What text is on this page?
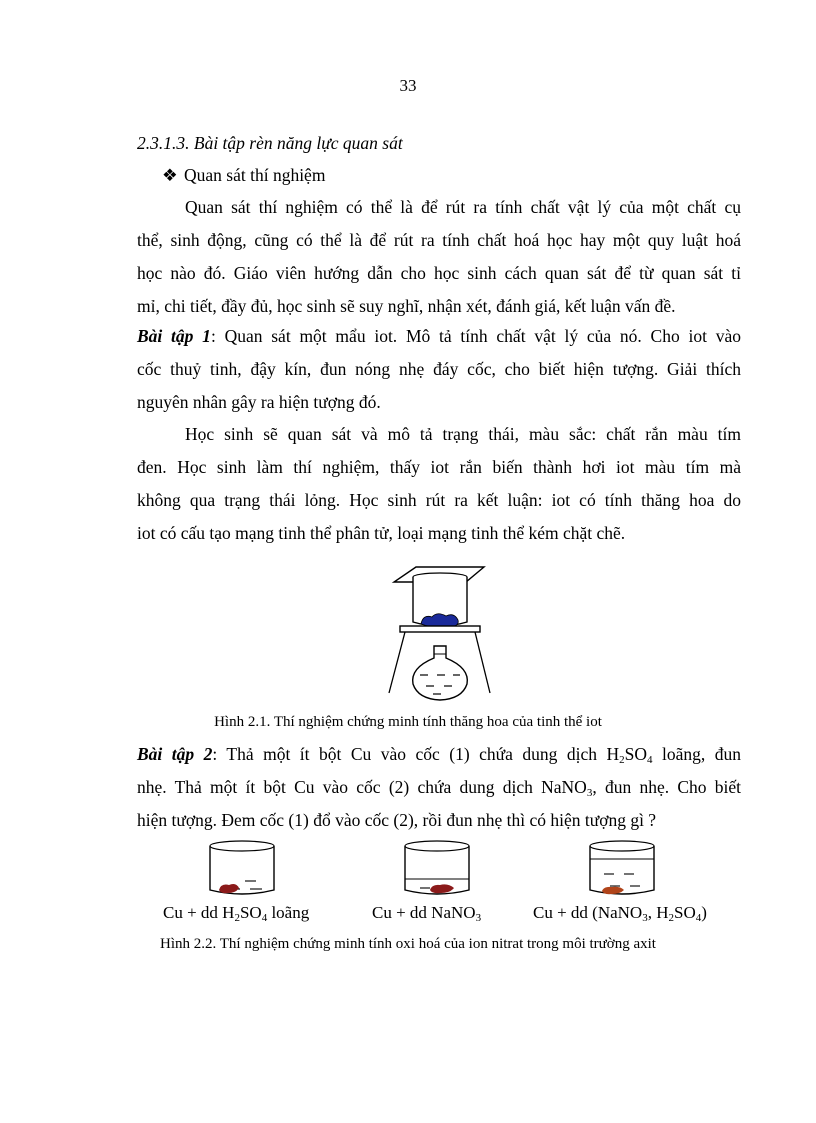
33
2.3.1.3. Bài tập rèn năng lực quan sát
❖ Quan sát thí nghiệm
Quan sát thí nghiệm có thể là để rút ra tính chất vật lý của một chất cụ
thể, sinh động, cũng có thể là để rút ra tính chất hoá học hay một quy luật hoá
học nào đó. Giáo viên hướng dẫn cho học sinh cách quan sát để từ quan sát tỉ
mỉ, chi tiết, đầy đủ, học sinh sẽ suy nghĩ, nhận xét, đánh giá, kết luận vấn đề.
Bài tập 1: Quan sát một mẩu iot. Mô tả tính chất vật lý của nó. Cho iot vào
cốc thuỷ tinh, đậy kín, đun nóng nhẹ đáy cốc, cho biết hiện tượng. Giải thích
nguyên nhân gây ra hiện tượng đó.
Học sinh sẽ quan sát và mô tả trạng thái, màu sắc: chất rắn màu tím
đen. Học sinh làm thí nghiệm, thấy iot rắn biến thành hơi iot màu tím mà
không qua trạng thái lỏng. Học sinh rút ra kết luận: iot có tính thăng hoa do
iot có cấu tạo mạng tinh thể phân tử, loại mạng tinh thể kém chặt chẽ.
Hình 2.1. Thí nghiệm chứng minh tính thăng hoa của tinh thể iot
Bài tập 2: Thả một ít bột Cu vào cốc (1) chứa dung dịch $H_2SO_4$ loãng, đun
nhẹ. Thả một ít bột Cu vào cốc (2) chứa dung dịch NaNO$_3$, đun nhẹ. Cho biết
hiện tượng. Đem cốc (1) đổ vào cốc (2), rồi đun nhẹ thì có hiện tượng gì ?
Cu + dd $H_2SO_4$ loãng	Cu + dd NaNO$_3$	Cu + dd (NaNO$_3$, $H_2SO_4$)
Hình 2.2. Thí nghiệm chứng minh tính oxi hoá của ion nitrat trong môi trường axit
